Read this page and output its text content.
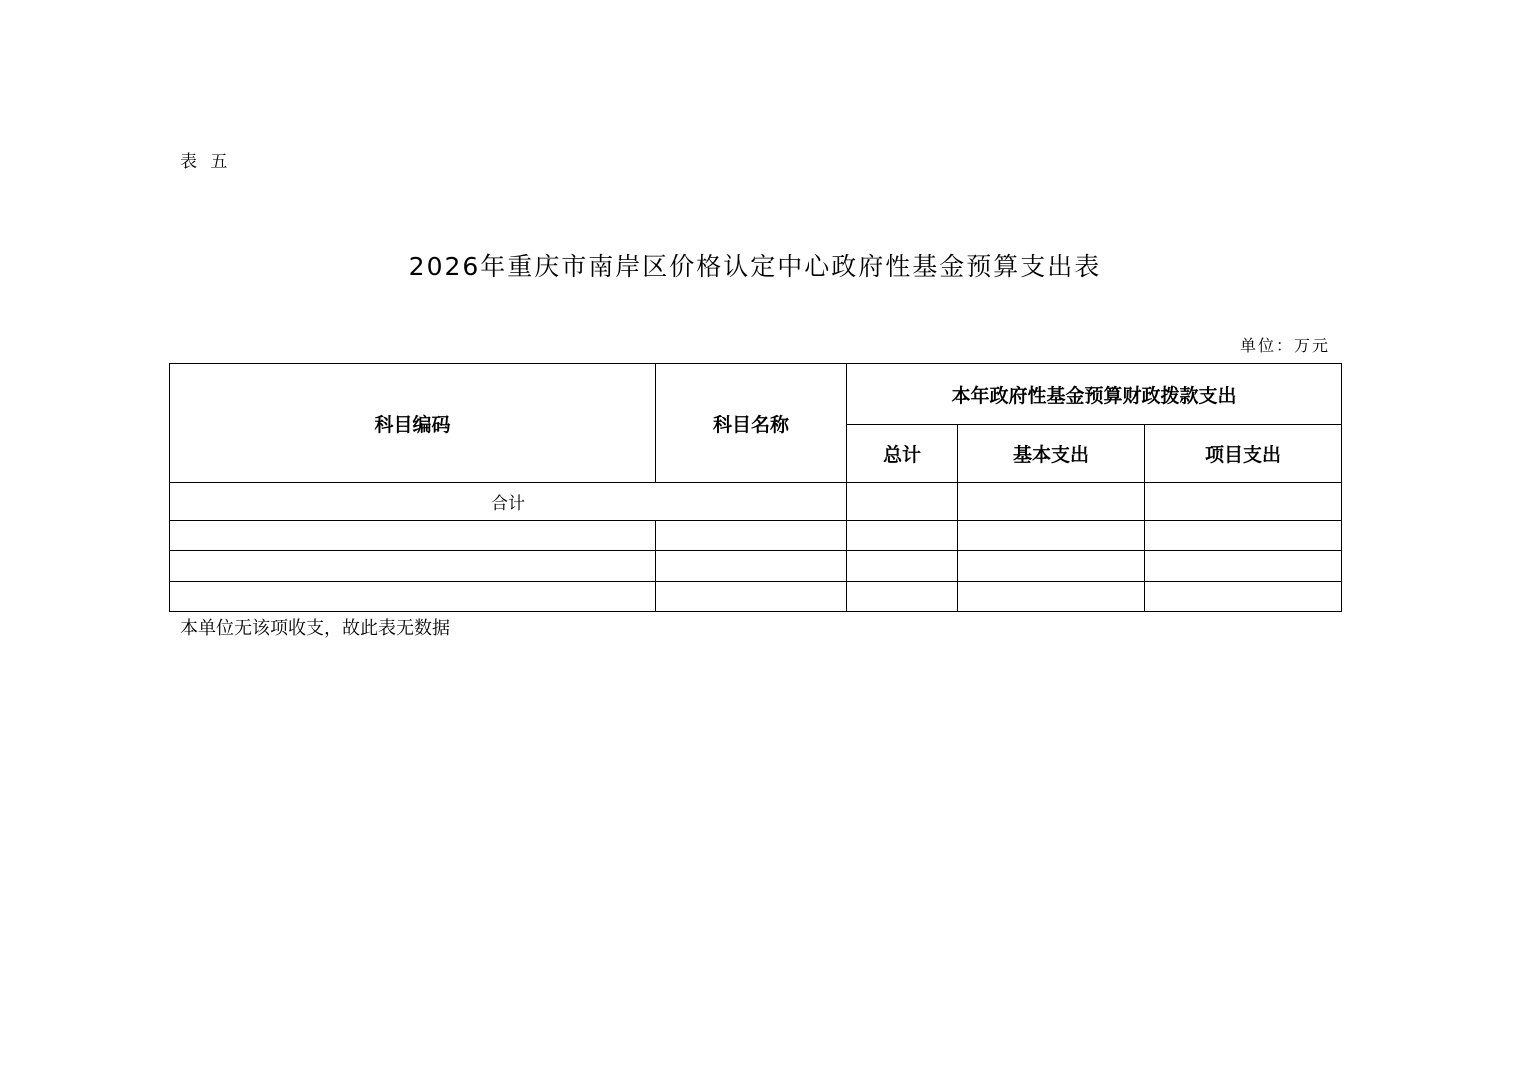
表 五
2026年重庆市南岸区价格认定中心政府性基金预算支出表
单位：万元
科目编码	科目名称	本年政府性基金预算财政拨款支出		
		总计	基本支出	项目支出
合计				

本单位无该项收支，故此表无数据
